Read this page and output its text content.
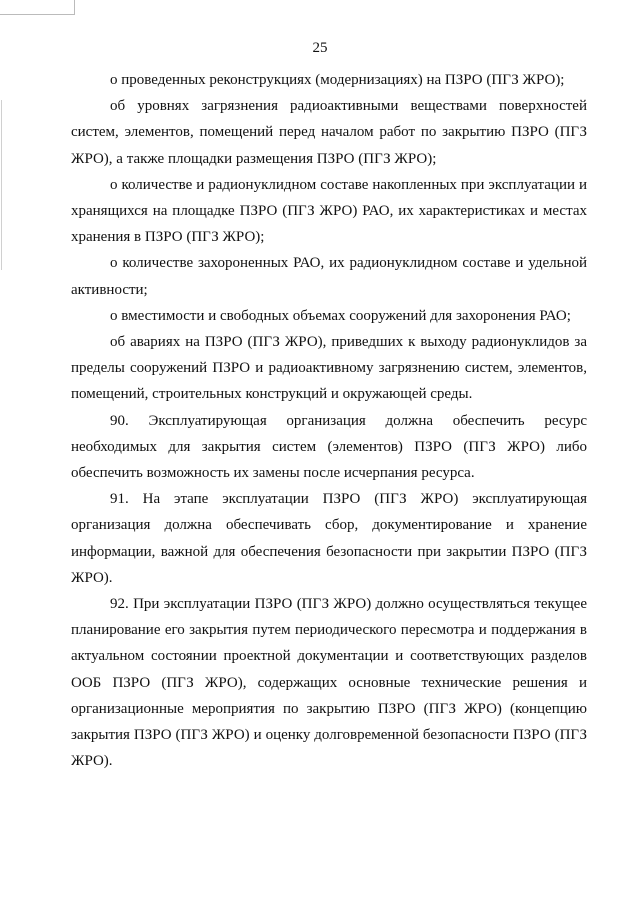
25

о проведенных реконструкциях (модернизациях) на ПЗРО (ПГЗ ЖРО);

об уровнях загрязнения радиоактивными веществами поверхностей систем, элементов, помещений перед началом работ по закрытию ПЗРО (ПГЗ ЖРО), а также площадки размещения ПЗРО (ПГЗ ЖРО);

о количестве и радионуклидном составе накопленных при эксплуатации и хранящихся на площадке ПЗРО (ПГЗ ЖРО) РАО, их характеристиках и местах хранения в ПЗРО (ПГЗ ЖРО);

о количестве захороненных РАО, их радионуклидном составе и удельной активности;

о вместимости и свободных объемах сооружений для захоронения РАО;

об авариях на ПЗРО (ПГЗ ЖРО), приведших к выходу радионуклидов за пределы сооружений ПЗРО и радиоактивному загрязнению систем, элементов, помещений, строительных конструкций и окружающей среды.

90. Эксплуатирующая организация должна обеспечить ресурс необходимых для закрытия систем (элементов) ПЗРО (ПГЗ ЖРО) либо обеспечить возможность их замены после исчерпания ресурса.

91. На этапе эксплуатации ПЗРО (ПГЗ ЖРО) эксплуатирующая организация должна обеспечивать сбор, документирование и хранение информации, важной для обеспечения безопасности при закрытии ПЗРО (ПГЗ ЖРО).

92. При эксплуатации ПЗРО (ПГЗ ЖРО) должно осуществляться текущее планирование его закрытия путем периодического пересмотра и поддержания в актуальном состоянии проектной документации и соответствующих разделов ООБ ПЗРО (ПГЗ ЖРО), содержащих основные технические решения и организационные мероприятия по закрытию ПЗРО (ПГЗ ЖРО) (концепцию закрытия ПЗРО (ПГЗ ЖРО) и оценку долговременной безопасности ПЗРО (ПГЗ ЖРО).
